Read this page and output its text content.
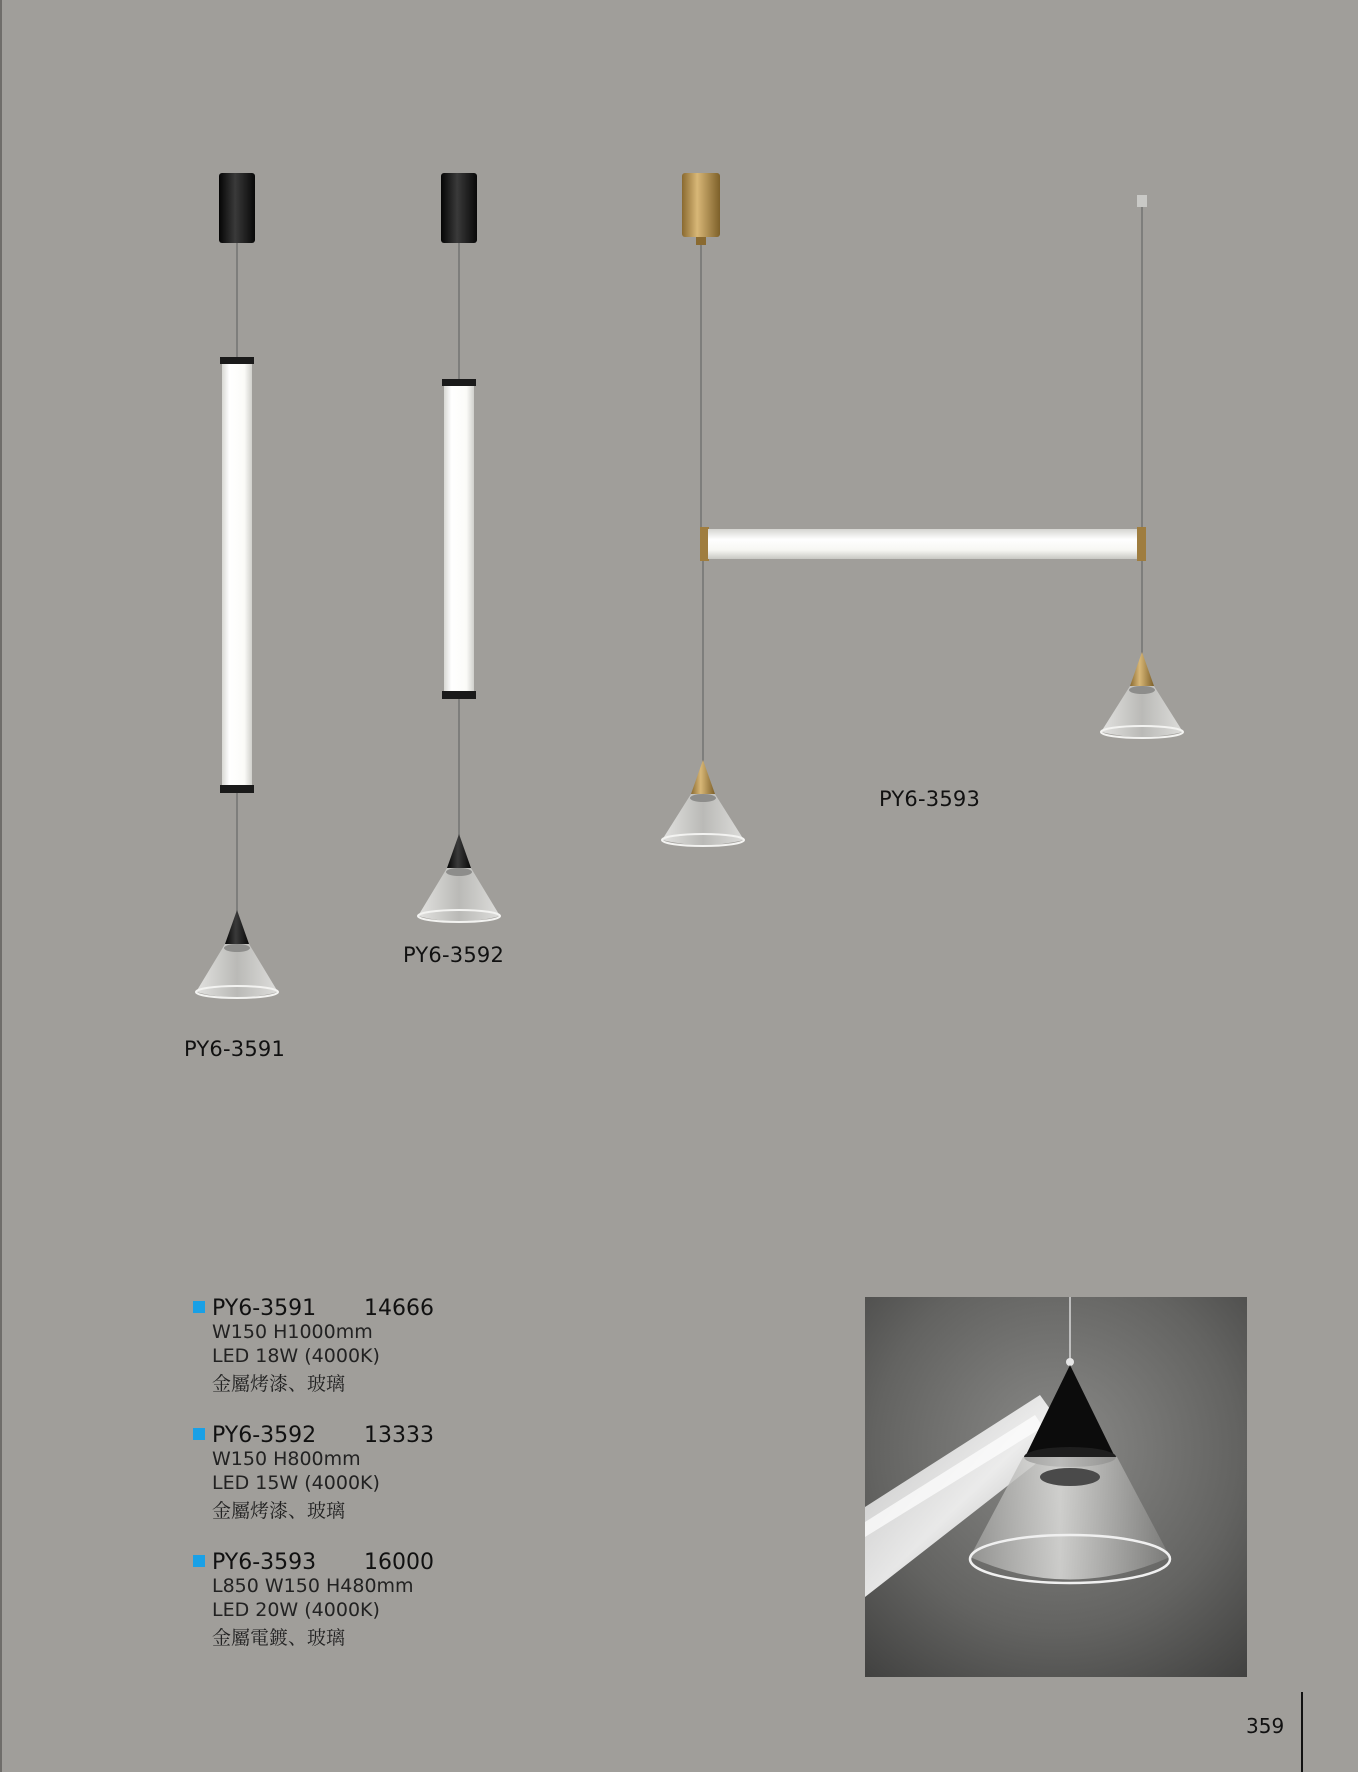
PY6-3591
PY6-3592
PY6-3593
PY6-3591 14666
W150 H1000mm
LED 18W (4000K)
金屬烤漆、玻璃
PY6-3592 13333
W150 H800mm
LED 15W (4000K)
金屬烤漆、玻璃
PY6-3593 16000
L850 W150 H480mm
LED 20W (4000K)
金屬電鍍、玻璃
359
